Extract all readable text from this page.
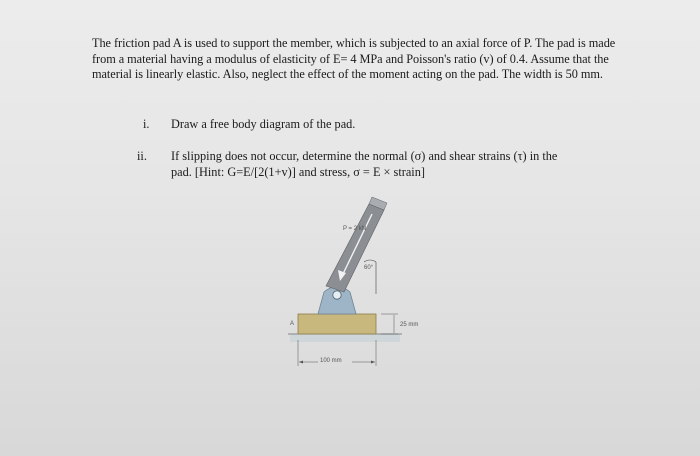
The friction pad A is used to support the member, which is subjected to an axial force of P. The pad is made from a material having a modulus of elasticity of E= 4 MPa and Poisson's ratio (v) of 0.4. Assume that the material is linearly elastic. Also, neglect the effect of the moment acting on the pad. The width is 50 mm.

i.	Draw a free body diagram of the pad.
ii.	If slipping does not occur, determine the normal (σ) and shear strains (τ) in the
pad. [Hint: G=E/[2(1+v)] and stress, σ = E × strain]
P = 2 kN
60°
A	25 mm
100 mm
